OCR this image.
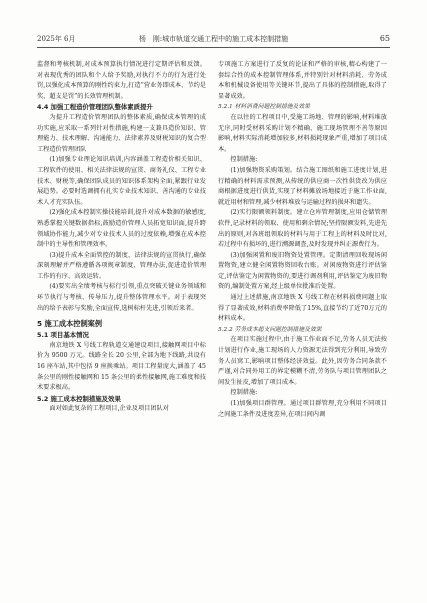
2025年 6月	杨　刚:城市轨道交通工程中的施工成本控制措施	65

监督和考核机制,对成本预算执行情况进行定期评估和反馈。对表现优秀的团队和个人给予奖励,对执行不力的行为进行处罚,以强化成本预算的刚性约束力,打造“营业务即成本、节约是奖、超支是罚”的长效管理机制。

4.4 加强工程造价管理团队整体素质提升

为提升工程造价管理团队的整体素质,确保成本管理的成功实施,应采取一系列针对性措施,构建一支兼具造价知识、管理能力、技术理解、沟通能力、法律素养及财税知识的复合型工程造价管理团队

(1)加强专业理论知识培训,内容涵盖工程造价相关知识、工程软件的使用、相关法律法规的宣贯、商务礼仪、工程专业技术、财税等,确保团队成员的知识体系架构全面,紧跟行业发展趋势。必要时选调拥有扎实专业技术知识、善沟通的专业技术人才充实队伍。

(2)强化成本控制实操技能培训,提升对成本数据的敏感度,熟悉掌握关键数据指标,鼓励造价管理人员拓宽知识面,提升跨领域协作能力,减少对专业技术人员的过度依赖,增强在成本控制中的主导性和管理效率。

(3)提升成本全面管控的制度、法律法规的宣贯执行,确保深刻理解并严格遵循各项规章制度、管理办法,促进造价管理工作的有序、高效运转。

(4)要实出全绩考核与标行引领,重点突破关键业务领域和环节执行与考核、传导压力,提升整体管理水平。对于表现突出的给予表彰与奖励,全面宣传,选树标杆先进,引领后来者。

5 施工成本控制案例
5.1 项目基本情况

南京地铁 X 号线工程轨道交通建设项目,接触网项目中标价为 9500 万元。线路全长 20 公里,全部为地下线路,共设有 16 座车站,其中包括 9 座换乘站。项目工程量庞大,涵盖了 45 条公里的刚性接触网和 15 条公里的柔性接触网,施工难度和技术要求极高。

5.2 施工成本控制措施及效果

面对如此复杂的工程项目,企业及项目团队对

专项施工方案进行了反复的论证和严格的审核,精心构建了一套综合性的成本控制管理体系,并特别针对材料消耗、劳务成本和机械设备使用等关键环节,提出了具体的控制措施,取得了显著成效。

5.2.1 材料消费问题控制措施及效果

在以往的工程项目中,受施工场地、管理的影响,材料堆放无序,同时受材料采购计划不精确、施工现场管理不善等原因影响,材料实际消耗增加较多,材料损耗现象严重,增加了项目成本。

控制措施:

(1)加强物资采购策划。结合施工图纸和施工进度计划,进行精确的材料需求预测,从传统的供应商一次性供货改为供应商根据进度进行供货,实现了材料摊放场地接近于施工作业面,就近用材和管理,减少材料堆放与运输过程的损环和遗失。

(2)实行限额领料制度。建立仓库管理制度,应用仓储管理软件,记录材料的领取、使用和剩余情况;坚持限额发料,先进先出的原则,对各班组领取的材料与用于工程上的材料及时比对,若过程中有损坏的,进行溯源调查,及时发现并纠正源费行为。

(3)加强闲置和废旧物资处置管理。定期清理回收现场闲置物资,建立健全闲置物资回收台账。对闲废物资进行评估鉴定,评估鉴定为闲置物资的,要进行调剂利用,评估鉴定为废旧物资的,编制处置方案,经上级单位批准后处置。

通过上述措施,南京地铁 X 号线工程在材料损费问题上取得了显著成效,材料消费率降低了15%,直接节约了近70万元的材料成本。

5.2.2 劳务成本超支问题控制措施及效果

在项目实施过程中,由于施工作业面不足,劳务人员无法按计划进行作业,施工现场的人力资源无法得到充分利用,导致劳务人员窝工,影响项目整体经济效益。此外,因劳务合同条款不严谨,对合同外用工的界定模糊不清,劳务队与项目管理团队之间发生扯皮,增加了项目成本。

控制措施:

(1)加强项目群管理。通过项目群管理,充分利用不同项目之间施工条件及进度差异,在项目间内调
